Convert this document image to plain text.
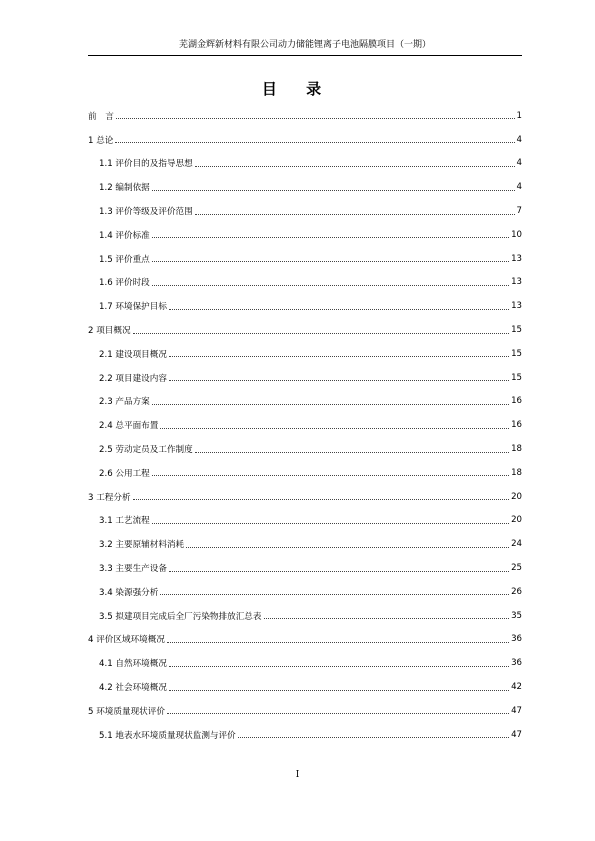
芜湖金辉新材料有限公司动力储能锂离子电池隔膜项目（一期）
目 录
前　言	1
1 总论	4
1.1 评价目的及指导思想	4
1.2 编制依据	4
1.3 评价等级及评价范围	7
1.4 评价标准	10
1.5 评价重点	13
1.6 评价时段	13
1.7 环境保护目标	13
2 项目概况	15
2.1 建设项目概况	15
2.2 项目建设内容	15
2.3 产品方案	16
2.4 总平面布置	16
2.5 劳动定员及工作制度	18
2.6 公用工程	18
3 工程分析	20
3.1 工艺流程	20
3.2 主要原辅材料消耗	24
3.3 主要生产设备	25
3.4 染源强分析	26
3.5 拟建项目完成后全厂污染物排放汇总表	35
4 评价区域环境概况	36
4.1 自然环境概况	36
4.2 社会环境概况	42
5 环境质量现状评价	47
5.1 地表水环境质量现状监测与评价	47
I
